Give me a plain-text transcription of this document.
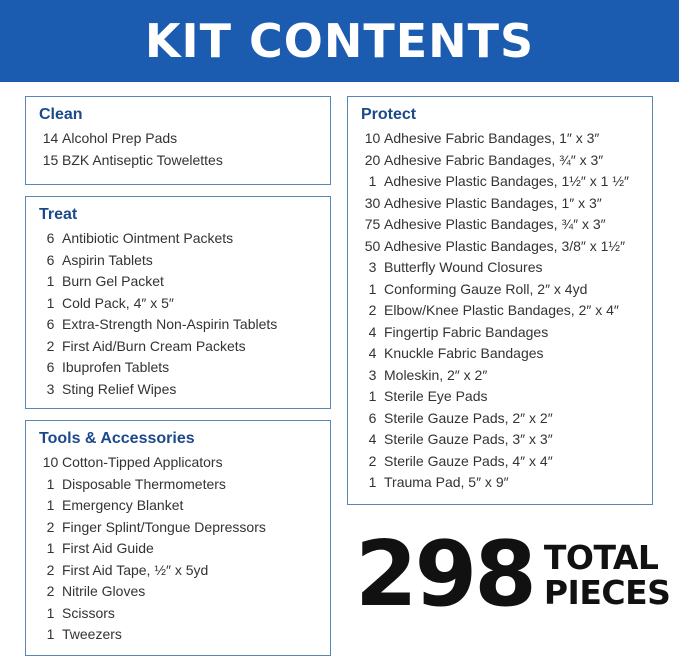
KIT CONTENTS
Clean
14 Alcohol Prep Pads
15 BZK Antiseptic Towelettes
Treat
6 Antibiotic Ointment Packets
6 Aspirin Tablets
1 Burn Gel Packet
1 Cold Pack, 4″ x 5″
6 Extra-Strength Non-Aspirin Tablets
2 First Aid/Burn Cream Packets
6 Ibuprofen Tablets
3 Sting Relief Wipes
Tools & Accessories
10 Cotton-Tipped Applicators
1 Disposable Thermometers
1 Emergency Blanket
2 Finger Splint/Tongue Depressors
1 First Aid Guide
2 First Aid Tape, ½″ x 5yd
2 Nitrile Gloves
1 Scissors
1 Tweezers
Protect
10 Adhesive Fabric Bandages, 1″ x 3″
20 Adhesive Fabric Bandages, ¾″ x 3″
1 Adhesive Plastic Bandages, 1½″ x 1 ½″
30 Adhesive Plastic Bandages, 1″ x 3″
75 Adhesive Plastic Bandages, ¾″ x 3″
50 Adhesive Plastic Bandages, 3/8″ x 1½″
3 Butterfly Wound Closures
1 Conforming Gauze Roll, 2″ x 4yd
2 Elbow/Knee Plastic Bandages, 2″ x 4″
4 Fingertip Fabric Bandages
4 Knuckle Fabric Bandages
3 Moleskin, 2″ x 2″
1 Sterile Eye Pads
6 Sterile Gauze Pads, 2″ x 2″
4 Sterile Gauze Pads, 3″ x 3″
2 Sterile Gauze Pads, 4″ x 4″
1 Trauma Pad, 5″ x 9″
298 TOTAL
PIECES
